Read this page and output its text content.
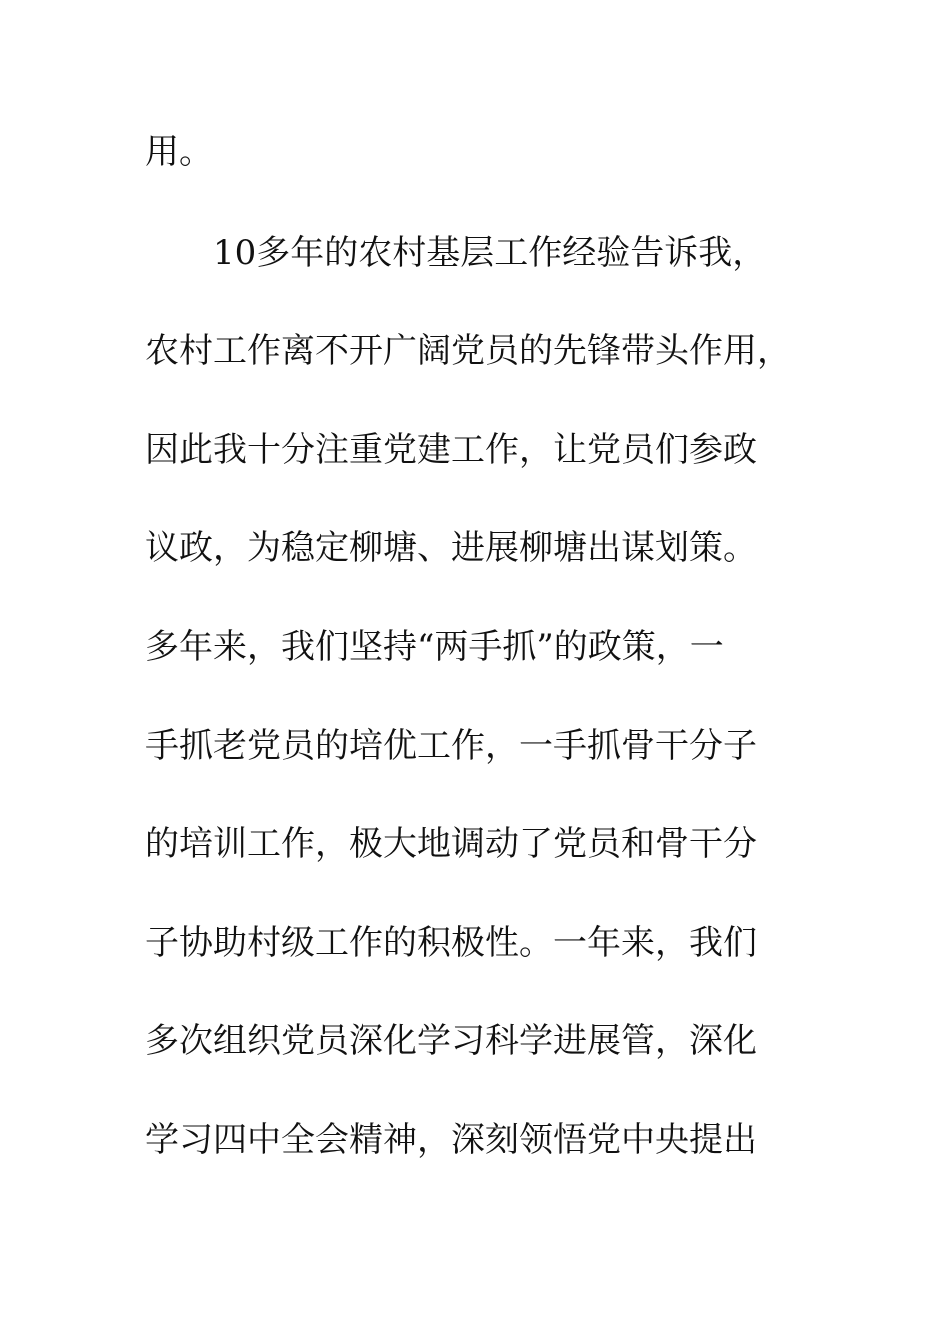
用。
10多年的农村基层工作经验告诉我，
农村工作离不开广阔党员的先锋带头作用，
因此我十分注重党建工作，让党员们参政
议政，为稳定柳塘、进展柳塘出谋划策。
多年来，我们坚持“两手抓”的政策，一
手抓老党员的培优工作，一手抓骨干分子
的培训工作，极大地调动了党员和骨干分
子协助村级工作的积极性。一年来，我们
多次组织党员深化学习科学进展管，深化
学习四中全会精神，深刻领悟党中央提出
